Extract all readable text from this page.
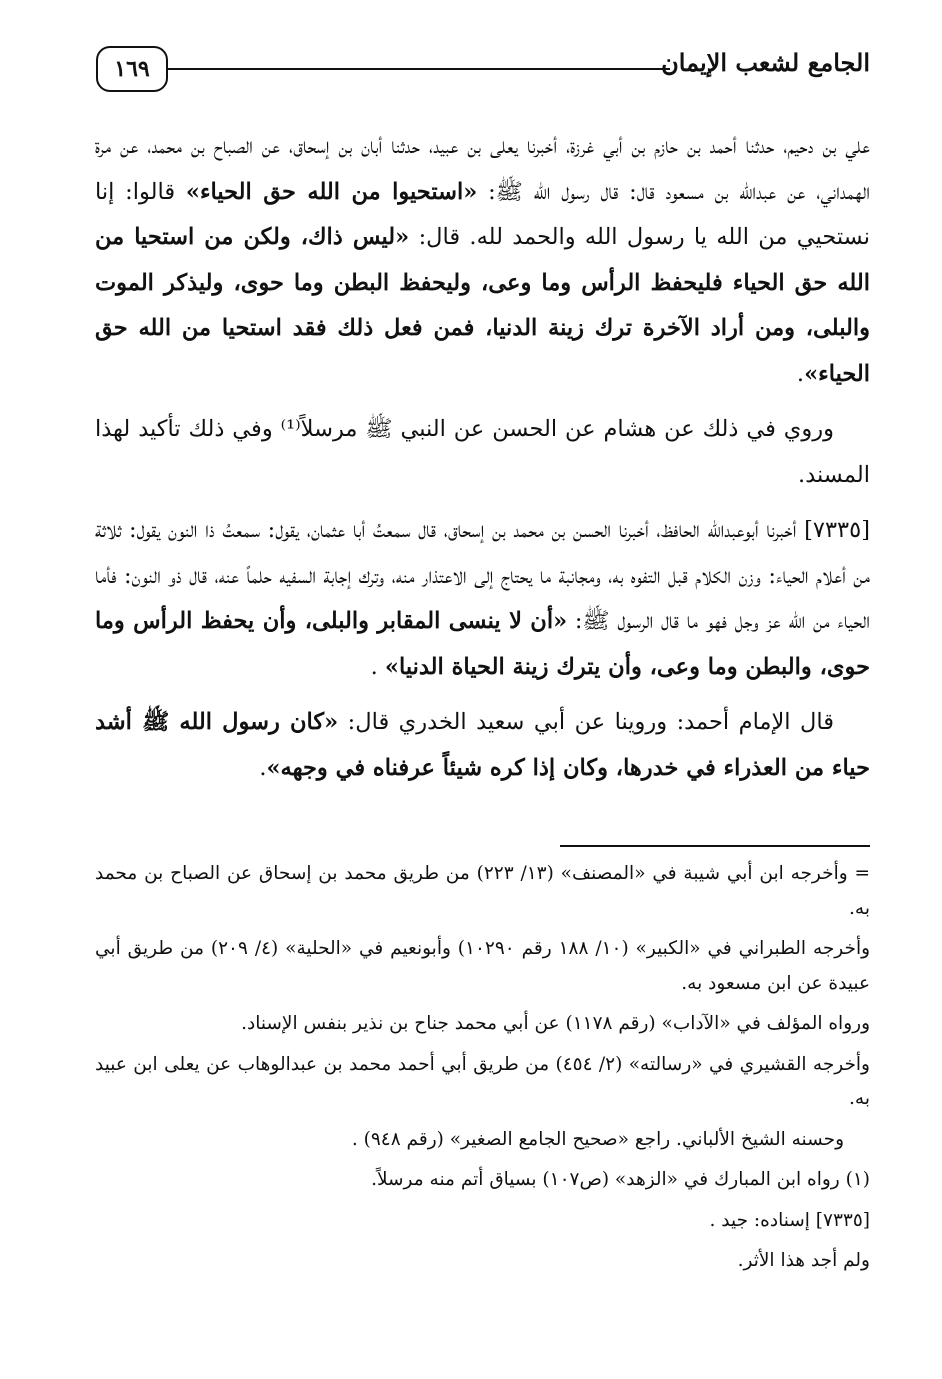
١٦٩	الجامع لشعب الإيمان

علي بن دحيم، حدثنا أحمد بن حازم بن أبي غرزة، أخبرنا يعلى بن عبيد، حدثنا أبان بن إسحاق، عن الصباح بن محمد، عن مرة الهمداني، عن عبدالله بن مسعود قال: قال رسول الله ﷺ: «استحيوا من الله حق الحياء» قالوا: إنا نستحيي من الله يا رسول الله والحمد لله. قال: «ليس ذاك، ولكن من استحيا من الله حق الحياء فليحفظ الرأس وما وعى، وليحفظ البطن وما حوى، وليذكر الموت والبلى، ومن أراد الآخرة ترك زينة الدنيا، فمن فعل ذلك فقد استحيا من الله حق الحياء».

وروي في ذلك عن هشام عن الحسن عن النبي ﷺ مرسلاً⁽¹⁾ وفي ذلك تأكيد لهذا المسند.

[٧٣٣٥] أخبرنا أبوعبدالله الحافظ، أخبرنا الحسن بن محمد بن إسحاق، قال سمعتُ أبا عثمان، يقول: سمعتُ ذا النون يقول: ثلاثة من أعلام الحياء: وزن الكلام قبل التفوه به، ومجانبة ما يحتاج إلى الاعتذار منه، وترك إجابة السفيه حلماً عنه، قال ذو النون: فأما الحياء من الله عز وجل فهو ما قال الرسول ﷺ: «أن لا ينسى المقابر والبلى، وأن يحفظ الرأس وما حوى، والبطن وما وعى، وأن يترك زينة الحياة الدنيا» .

قال الإمام أحمد: وروينا عن أبي سعيد الخدري قال: «كان رسول الله ﷺ أشد حياء من العذراء في خدرها، وكان إذا كره شيئاً عرفناه في وجهه».

= وأخرجه ابن أبي شيبة في «المصنف» (١٣/ ٢٢٣) من طريق محمد بن إسحاق عن الصباح بن محمد به.

وأخرجه الطبراني في «الكبير» (١٠/ ١٨٨ رقم ١٠٢٩٠) وأبونعيم في «الحلية» (٤/ ٢٠٩) من طريق أبي عبيدة عن ابن مسعود به.

ورواه المؤلف في «الآداب» (رقم ١١٧٨) عن أبي محمد جناح بن نذير بنفس الإسناد.

وأخرجه القشيري في «رسالته» (٢/ ٤٥٤) من طريق أبي أحمد محمد بن عبدالوهاب عن يعلى ابن عبيد به.

وحسنه الشيخ الألباني. راجع «صحيح الجامع الصغير» (رقم ٩٤٨) .

(١) رواه ابن المبارك في «الزهد» (ص١٠٧) بسياق أتم منه مرسلاً.

[٧٣٣٥] إسناده: جيد .

ولم أجد هذا الأثر.
